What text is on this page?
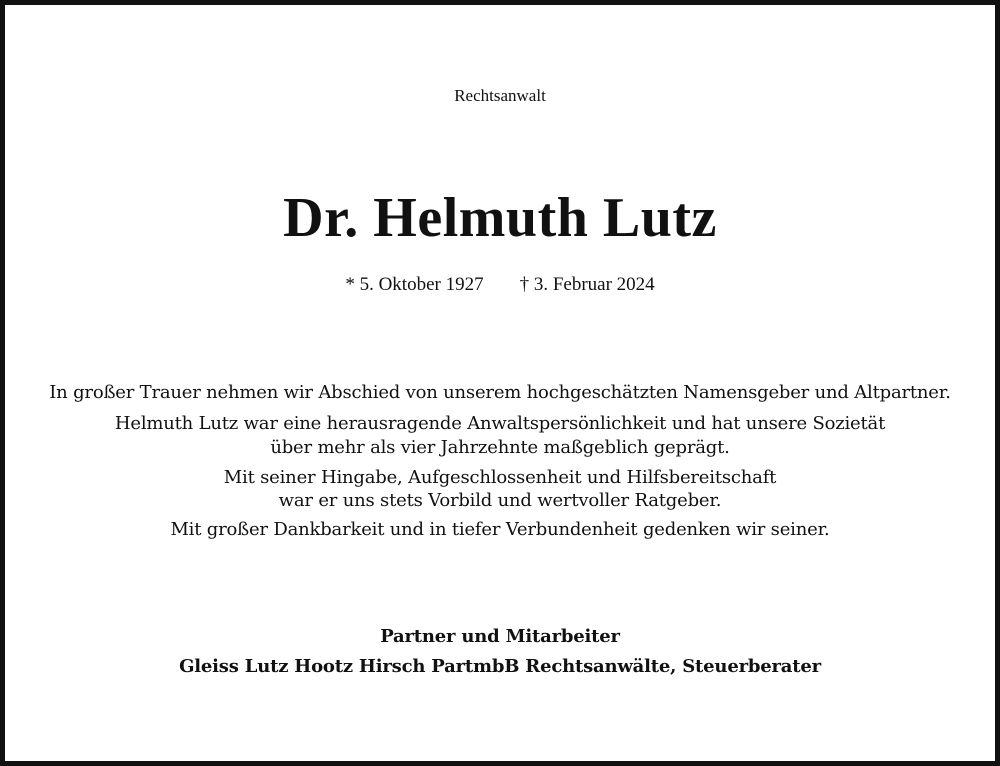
Rechtsanwalt
Dr. Helmuth Lutz
* 5. Oktober 1927 † 3. Februar 2024
In großer Trauer nehmen wir Abschied von unserem hochgeschätzten Namensgeber und Altpartner.
Helmuth Lutz war eine herausragende Anwaltspersönlichkeit und hat unsere Sozietät
über mehr als vier Jahrzehnte maßgeblich geprägt.
Mit seiner Hingabe, Aufgeschlossenheit und Hilfsbereitschaft
war er uns stets Vorbild und wertvoller Ratgeber.
Mit großer Dankbarkeit und in tiefer Verbundenheit gedenken wir seiner.
Partner und Mitarbeiter
Gleiss Lutz Hootz Hirsch PartmbB Rechtsanwälte, Steuerberater
